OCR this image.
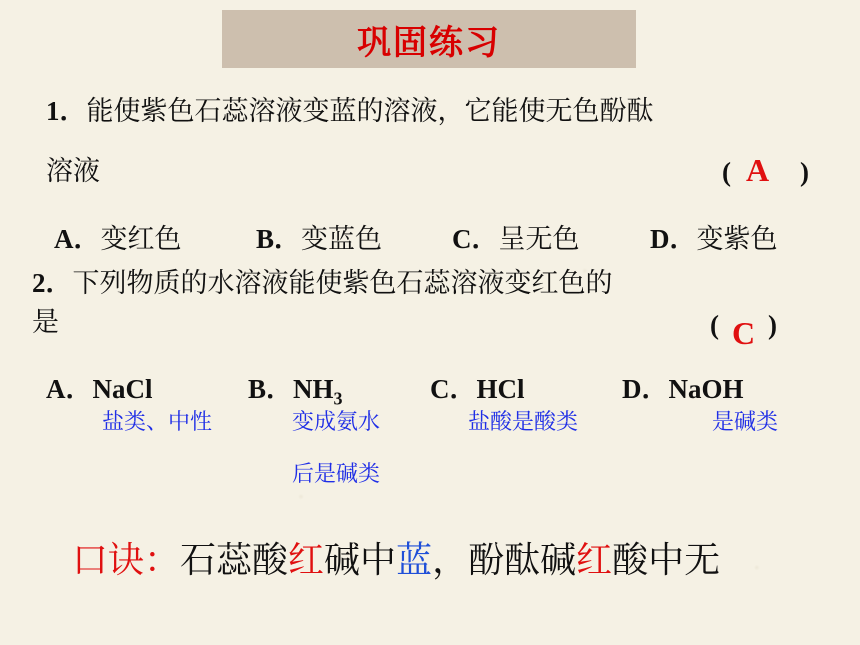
巩固练习
1．能使紫色石蕊溶液变蓝的溶液，它能使无色酚酞
溶液	( A )
A．变红色	B．变蓝色	C．呈无色	D．变紫色
2．下列物质的水溶液能使紫色石蕊溶液变红色的
是	( C )
A．NaCl	B．$NH_3$	C．HCl	D．NaOH
盐类、中性	变成氨水
后是碱类
盐酸是酸类	是碱类
口诀：石蕊酸红碱中蓝，酚酞碱红酸中无
